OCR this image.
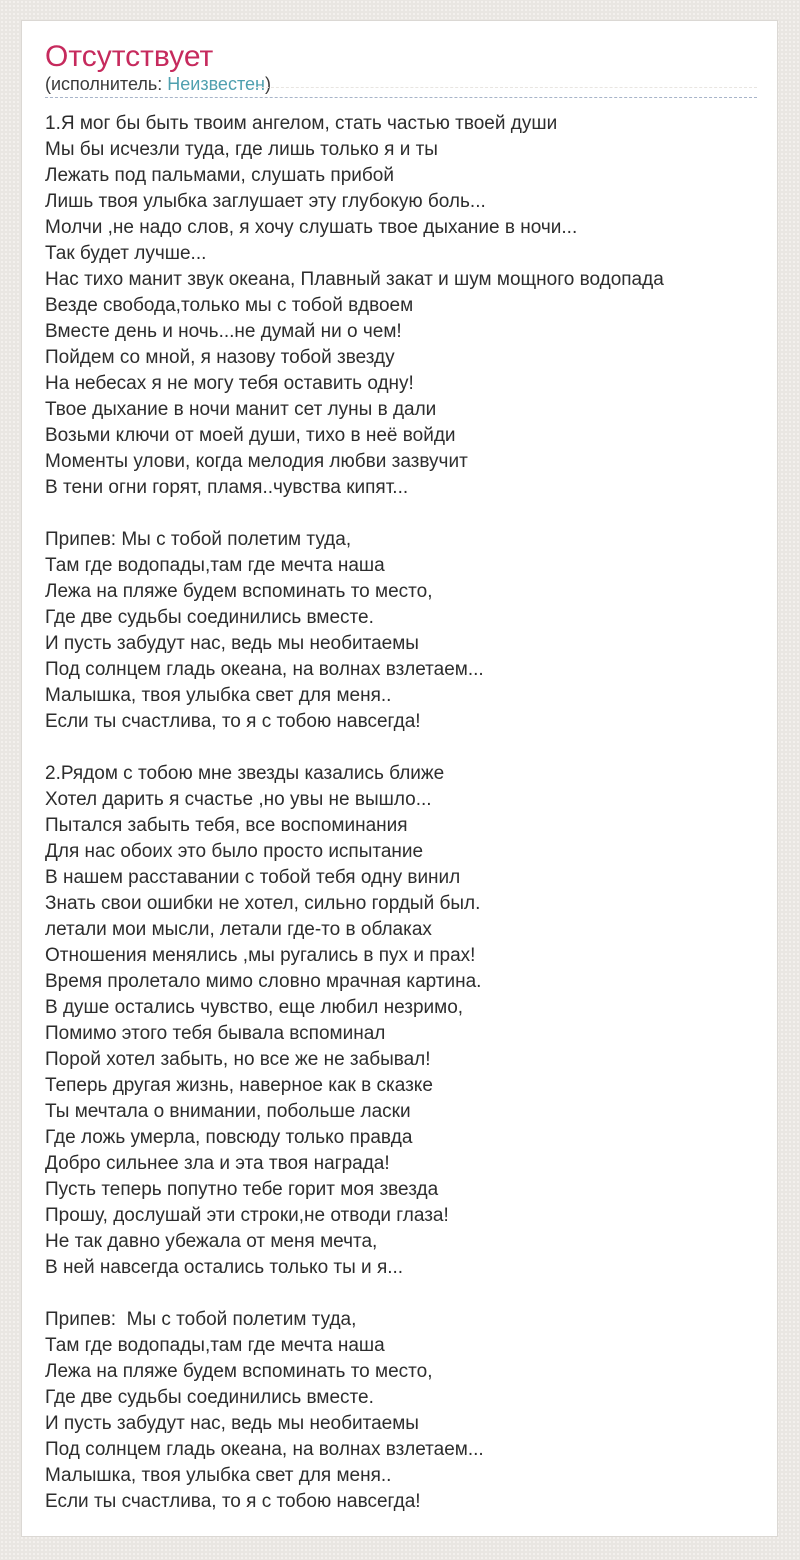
Отсутствует
(исполнитель: Неизвестен)
1.Я мог бы быть твоим ангелом, стать частью твоей души
Мы бы исчезли туда, где лишь только я и ты
Лежать под пальмами, слушать прибой
Лишь твоя улыбка заглушает эту глубокую боль...
Молчи ,не надо слов, я хочу слушать твое дыхание в ночи...
Так будет лучше...
Нас тихо манит звук океана, Плавный закат и шум мощного водопада
Везде свобода,только мы с тобой вдвоем
Вместе день и ночь...не думай ни о чем!
Пойдем со мной, я назову тобой звезду
На небесах я не могу тебя оставить одну!
Твое дыхание в ночи манит сет луны в дали
Возьми ключи от моей души, тихо в неё войди
Моменты улови, когда мелодия любви зазвучит
В тени огни горят, пламя..чувства кипят...
Припев: Мы с тобой полетим туда,
Там где водопады,там где мечта наша
Лежа на пляже будем вспоминать то место,
Где две судьбы соединились вместе.
И пусть забудут нас, ведь мы необитаемы
Под солнцем гладь океана, на волнах взлетаем...
Малышка, твоя улыбка свет для меня..
Если ты счастлива, то я с тобою навсегда!
2.Рядом с тобою мне звезды казались ближе
Хотел дарить я счастье ,но увы не вышло...
Пытался забыть тебя, все воспоминания
Для нас обоих это было просто испытание
В нашем расставании с тобой тебя одну винил
Знать свои ошибки не хотел, сильно гордый был.
летали мои мысли, летали где-то в облаках
Отношения менялись ,мы ругались в пух и прах!
Время пролетало мимо словно мрачная картина.
В душе остались чувство, еще любил незримо,
Помимо этого тебя бывала вспоминал
Порой хотел забыть, но все же не забывал!
Теперь другая жизнь, наверное как в сказке
Ты мечтала о внимании, побольше ласки
Где ложь умерла, повсюду только правда
Добро сильнее зла и эта твоя награда!
Пусть теперь попутно тебе горит моя звезда
Прошу, дослушай эти строки,не отводи глаза!
Не так давно убежала от меня мечта,
В ней навсегда остались только ты и я...
Припев:  Мы с тобой полетим туда,
Там где водопады,там где мечта наша
Лежа на пляже будем вспоминать то место,
Где две судьбы соединились вместе.
И пусть забудут нас, ведь мы необитаемы
Под солнцем гладь океана, на волнах взлетаем...
Малышка, твоя улыбка свет для меня..
Если ты счастлива, то я с тобою навсегда!
